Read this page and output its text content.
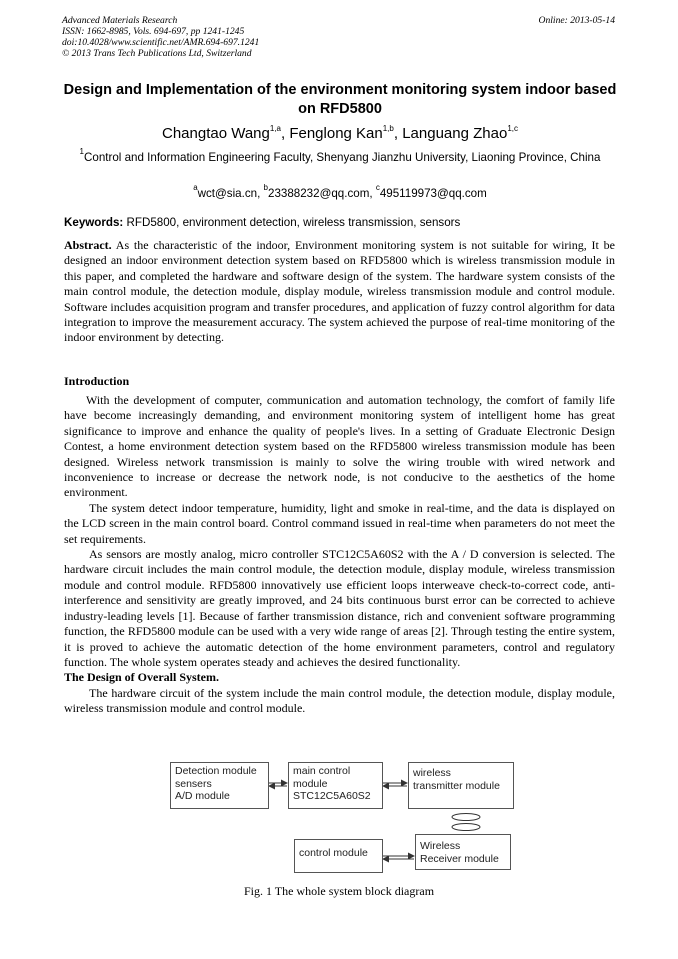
Advanced Materials Research
ISSN: 1662-8985, Vols. 694-697, pp 1241-1245
doi:10.4028/www.scientific.net/AMR.694-697.1241
© 2013 Trans Tech Publications Ltd, Switzerland
Online: 2013-05-14
Design and Implementation of the environment monitoring system indoor based on RFD5800
Changtao Wang$^{1,a}$, Fenglong Kan$^{1,b}$, Languang Zhao$^{1,c}$
$^1$Control and Information Engineering Faculty, Shenyang Jianzhu University, Liaoning Province, China
$^a$wct@sia.cn, $^b$23388232@qq.com, $^c$495119973@qq.com
Keywords: RFD5800, environment detection, wireless transmission, sensors

Abstract. As the characteristic of the indoor, Environment monitoring system is not suitable for wiring, It be designed an indoor environment detection system based on RFD5800 which is wireless transmission module in this paper, and completed the hardware and software design of the system. The hardware system consists of the main control module, the detection module, display module, wireless transmission module and control module. Software includes acquisition program and transfer procedures, and application of fuzzy control algorithm for data integration to improve the measurement accuracy. The system achieved the purpose of real-time monitoring of the indoor environment by detecting.

Introduction

With the development of computer, communication and automation technology, the comfort of family life have become increasingly demanding, and environment monitoring system of intelligent home has great significance to improve and enhance the quality of people's lives. In a setting of Graduate Electronic Design Contest, a home environment detection system based on the RFD5800 wireless transmission module has been designed. Wireless network transmission is mainly to solve the wiring trouble with wired network and inconvenience to increase or decrease the network node, is not conducive to the aesthetics of the home environment.

The system detect indoor temperature, humidity, light and smoke in real-time, and the data is displayed on the LCD screen in the main control board. Control command issued in real-time when parameters do not meet the set requirements.

As sensors are mostly analog, micro controller STC12C5A60S2 with the A / D conversion is selected. The hardware circuit includes the main control module, the detection module, display module, wireless transmission module and control module. RFD5800 innovatively use efficient loops interweave check-to-correct code, anti-interference and sensitivity are greatly improved, and 24 bits continuous burst error can be corrected to achieve industry-leading levels [1]. Because of farther transmission distance, rich and convenient software programming function, the RFD5800 module can be used with a very wide range of areas [2]. Through testing the entire system, it is proved to achieve the automatic detection of the home environment parameters, control and regulatory function. The whole system operates steady and achieves the desired functionality.

The Design of Overall System.

The hardware circuit of the system include the main control module, the detection module, display module, wireless transmission module and control module.

Detection module
sensers
A/D module
main control
module
STC12C5A60S2
wireless
transmitter module
control module
Wireless
Receiver module
Fig. 1 The whole system block diagram
